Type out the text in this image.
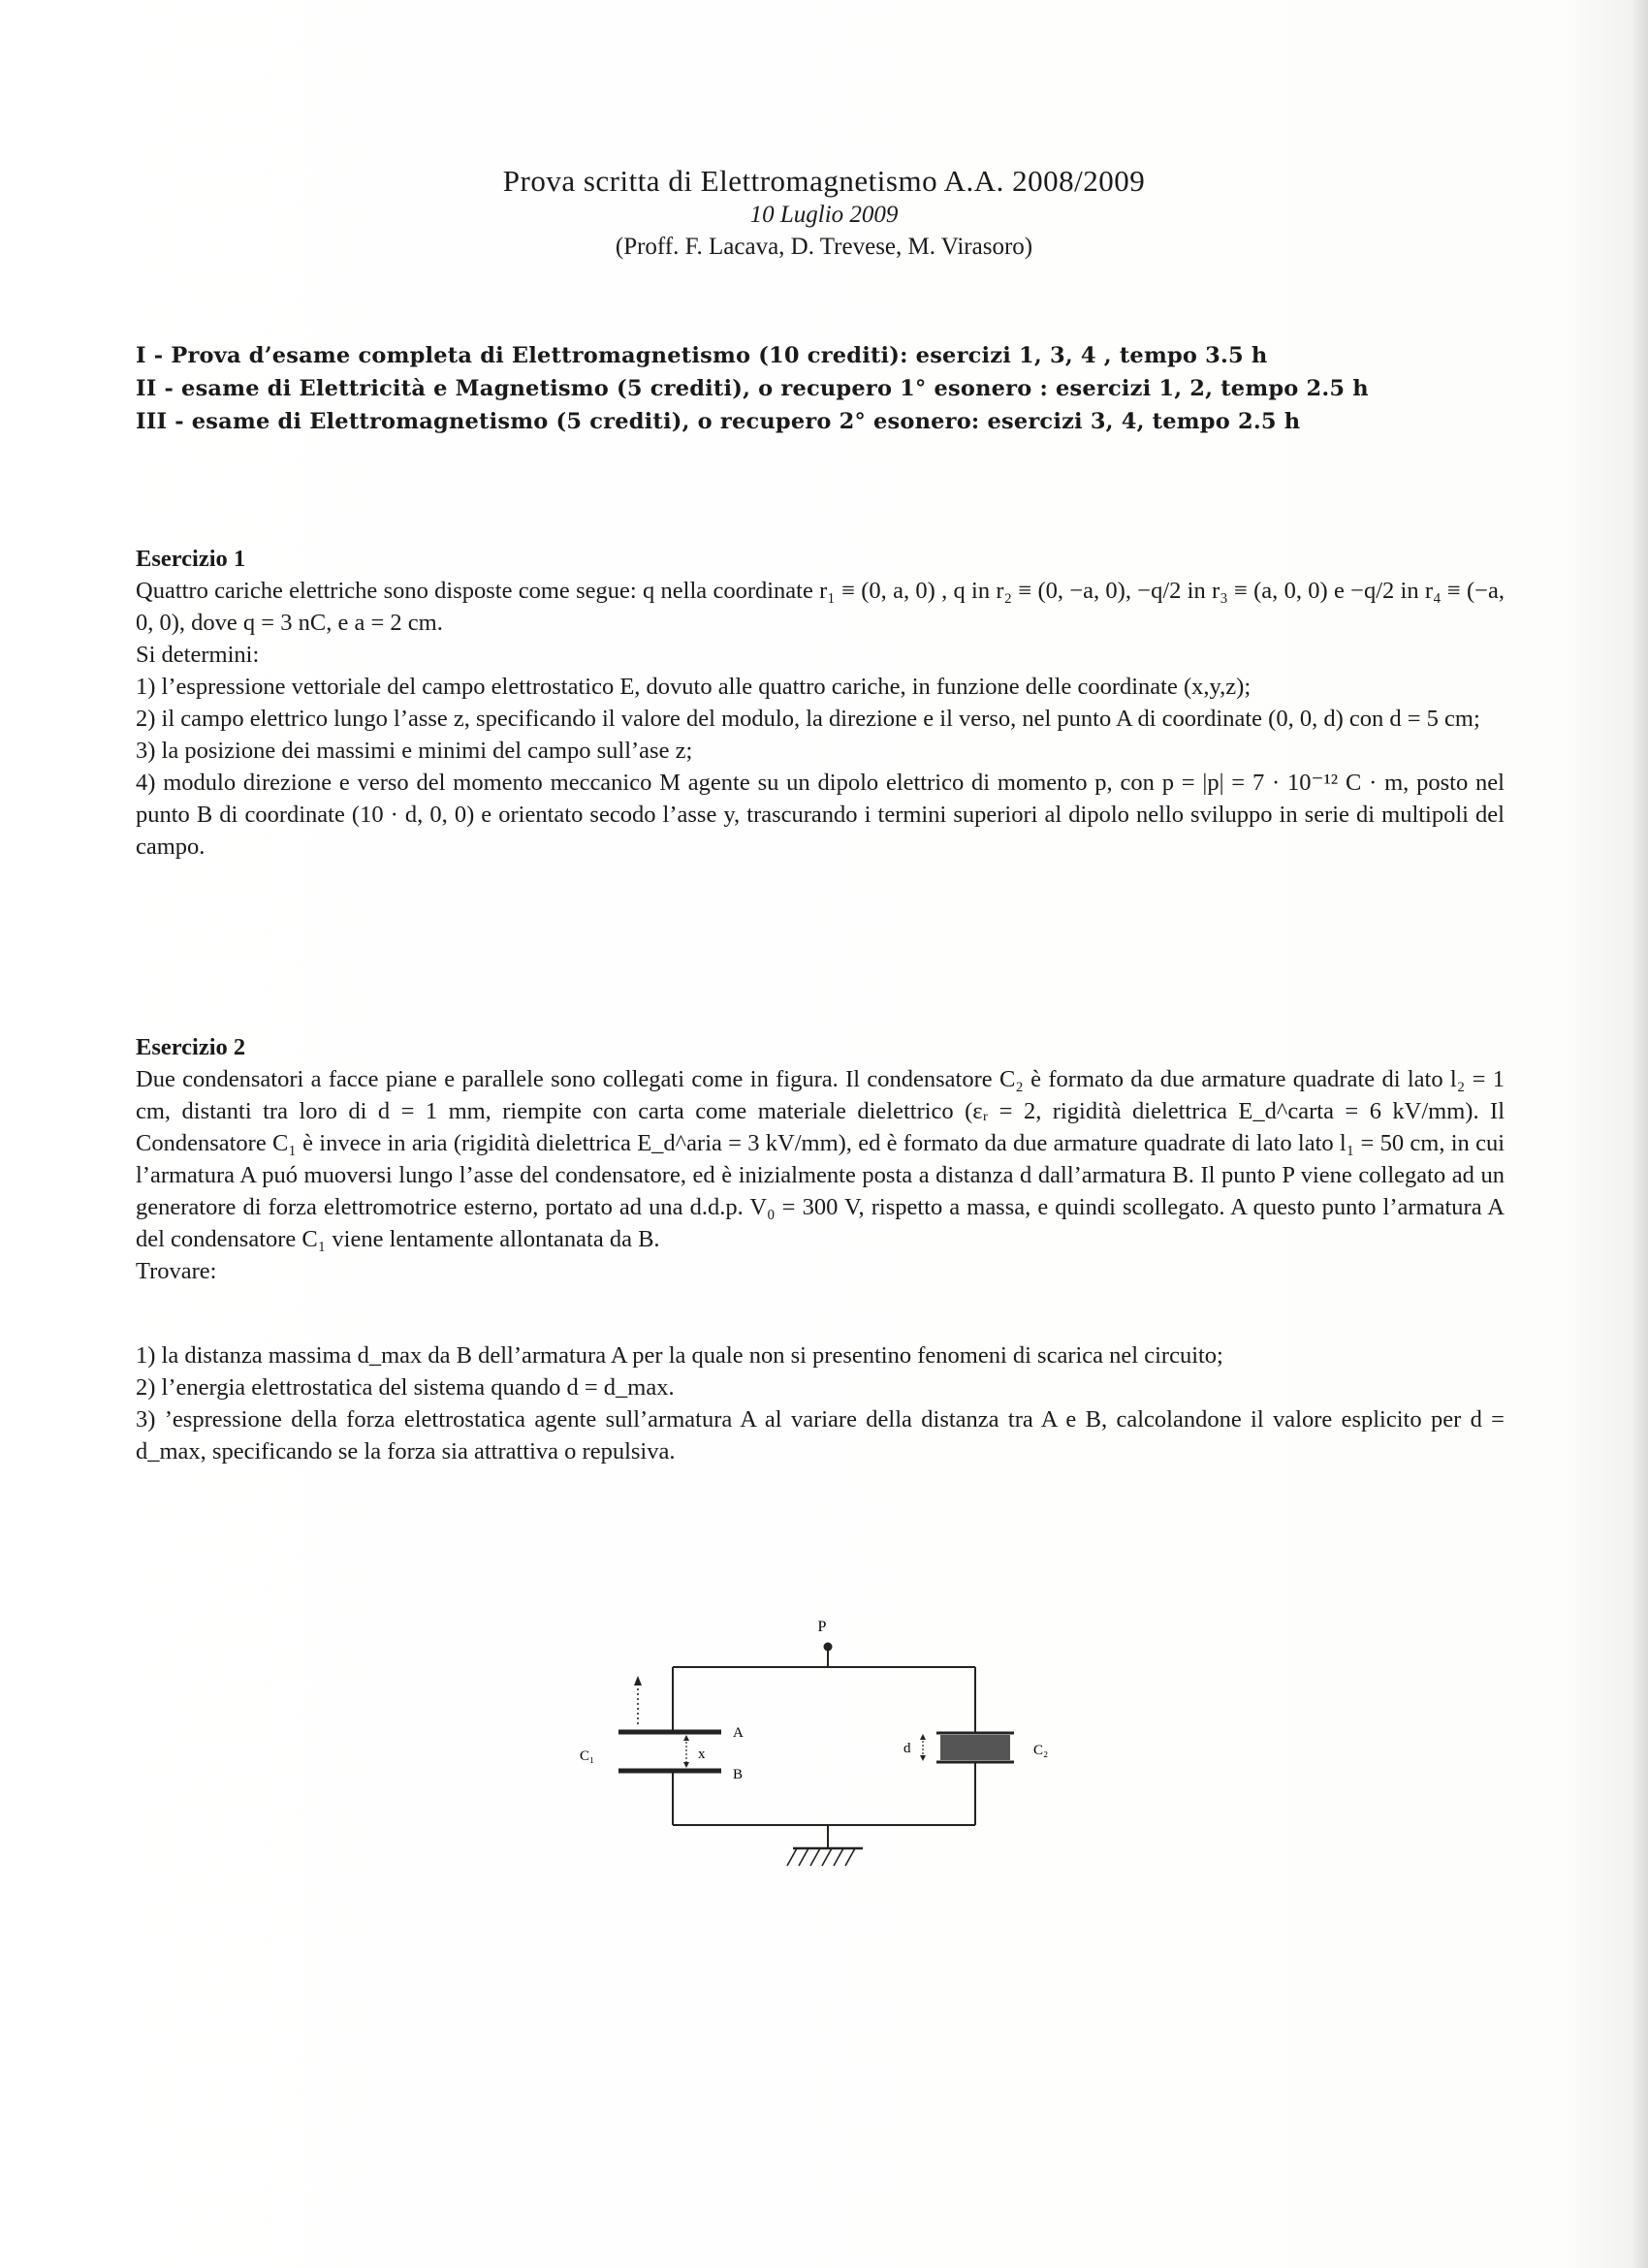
Prova scritta di Elettromagnetismo A.A. 2008/2009
10 Luglio 2009
(Proff. F. Lacava, D. Trevese, M. Virasoro)
I - Prova d’esame completa di Elettromagnetismo (10 crediti): esercizi 1, 3, 4 , tempo 3.5 h
II - esame di Elettricità e Magnetismo (5 crediti), o recupero 1° esonero : esercizi 1, 2, tempo 2.5 h
III - esame di Elettromagnetismo (5 crediti), o recupero 2° esonero: esercizi 3, 4, tempo 2.5 h
Esercizio 1
Quattro cariche elettriche sono disposte come segue: q nella coordinate r₁ ≡ (0, a, 0) , q in r₂ ≡ (0, −a, 0), −q/2 in r₃ ≡ (a, 0, 0) e −q/2 in r₄ ≡ (−a, 0, 0), dove q = 3 nC, e a = 2 cm.
Si determini:
1) l’espressione vettoriale del campo elettrostatico E, dovuto alle quattro cariche, in funzione delle coordinate (x,y,z);
2) il campo elettrico lungo l’asse z, specificando il valore del modulo, la direzione e il verso, nel punto A di coordinate (0, 0, d) con d = 5 cm;
3) la posizione dei massimi e minimi del campo sull’ase z;
4) modulo direzione e verso del momento meccanico M agente su un dipolo elettrico di momento p, con p = |p| = 7 · 10⁻¹² C · m, posto nel punto B di coordinate (10 · d, 0, 0) e orientato secodo l’asse y, trascurando i termini superiori al dipolo nello sviluppo in serie di multipoli del campo.
Esercizio 2
Due condensatori a facce piane e parallele sono collegati come in figura. Il condensatore C₂ è formato da due armature quadrate di lato l₂ = 1 cm, distanti tra loro di d = 1 mm, riempite con carta come materiale dielettrico (εᵣ = 2, rigidità dielettrica E_d^carta = 6 kV/mm). Il Condensatore C₁ è invece in aria (rigidità dielettrica E_d^aria = 3 kV/mm), ed è formato da due armature quadrate di lato lato l₁ = 50 cm, in cui l’armatura A puó muoversi lungo l’asse del condensatore, ed è inizialmente posta a distanza d dall’armatura B. Il punto P viene collegato ad un generatore di forza elettromotrice esterno, portato ad una d.d.p. V₀ = 300 V, rispetto a massa, e quindi scollegato. A questo punto l’armatura A del condensatore C₁ viene lentamente allontanata da B.
Trovare:
1) la distanza massima d_max da B dell’armatura A per la quale non si presentino fenomeni di scarica nel circuito;
2) l’energia elettrostatica del sistema quando d = d_max.
3) ’espressione della forza elettrostatica agente sull’armatura A al variare della distanza tra A e B, calcolandone il valore esplicito per d = d_max, specificando se la forza sia attrattiva o repulsiva.
P
x
A
B
C₁	d	C₂
